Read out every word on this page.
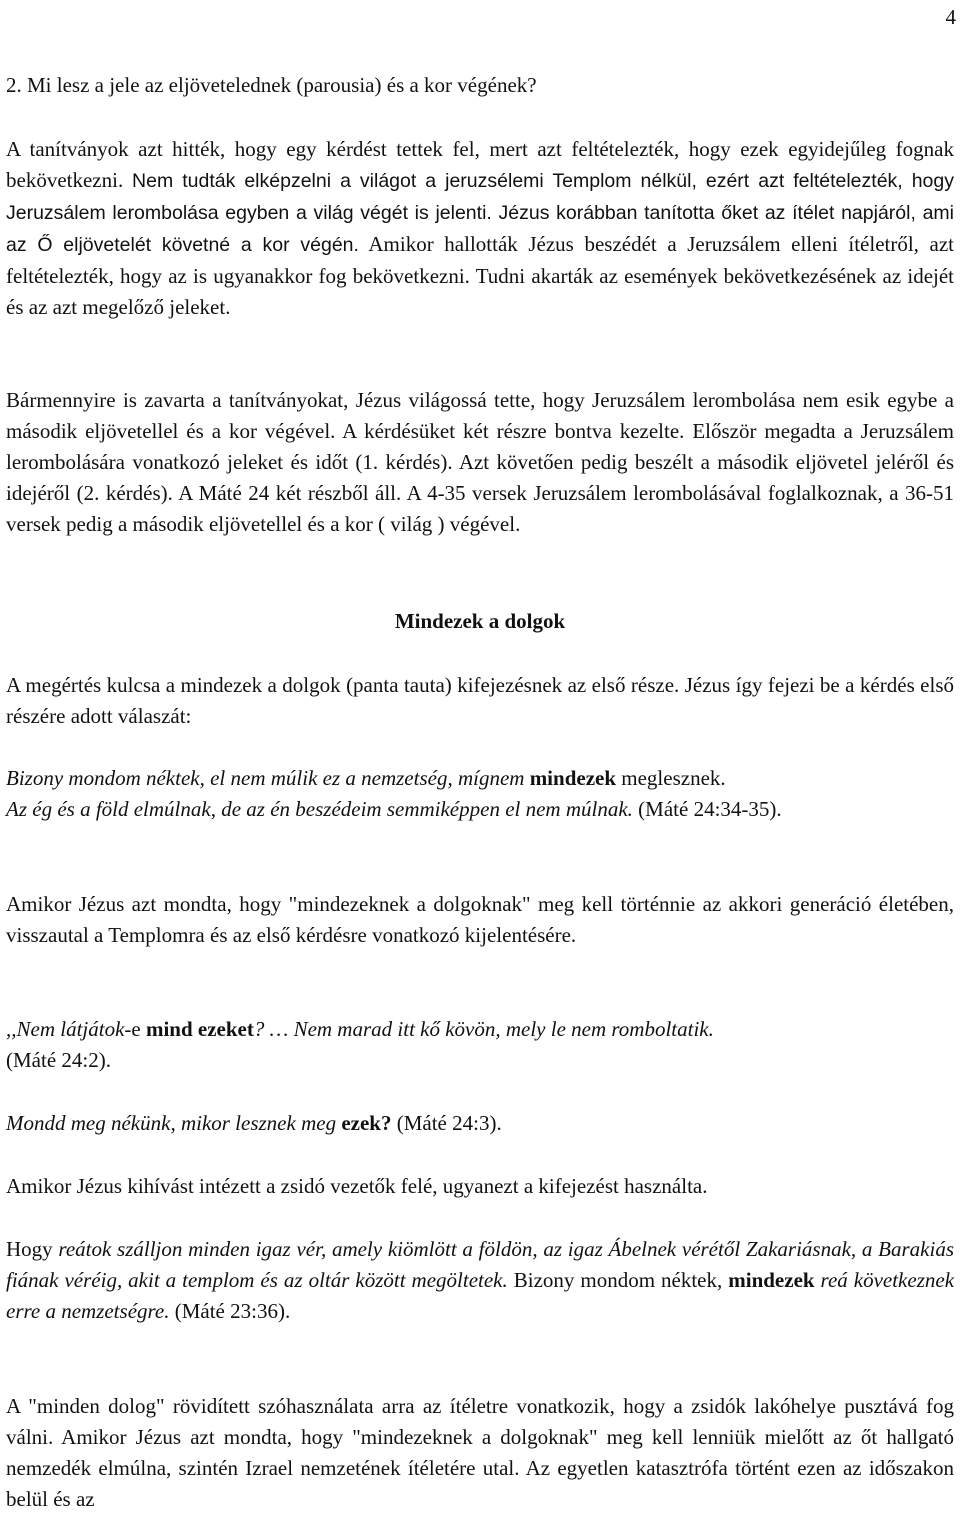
4

2. Mi lesz a jele az eljövetelednek (parousia) és a kor végének?

A tanítványok azt hitték, hogy egy kérdést tettek fel, mert azt feltételezték, hogy ezek egyidejűleg fognak bekövetkezni. Nem tudták elképzelni a világot a jeruzsélemi Templom nélkül, ezért azt feltételezték, hogy Jeruzsálem lerombolása egyben a világ végét is jelenti. Jézus korábban tanította őket az ítélet napjáról, ami az Ő eljövetelét követné a kor végén. Amikor hallották Jézus beszédét a Jeruzsálem elleni ítéletről, azt feltételezték, hogy az is ugyanakkor fog bekövetkezni. Tudni akarták az események bekövetkezésének az idejét és az azt megelőző jeleket.

Bármennyire is zavarta a tanítványokat, Jézus világossá tette, hogy Jeruzsálem lerombolása nem esik egybe a második eljövetellel és a kor végével. A kérdésüket két részre bontva kezelte. Először megadta a Jeruzsálem lerombolására vonatkozó jeleket és időt (1. kérdés). Azt követően pedig beszélt a második eljövetel jeléről és idejéről (2. kérdés). A Máté 24 két részből áll. A 4-35 versek Jeruzsálem lerombolásával foglalkoznak, a 36-51 versek pedig a második eljövetellel és a kor ( világ ) végével.

Mindezek a dolgok

A megértés kulcsa a mindezek a dolgok (panta tauta) kifejezésnek az első része. Jézus így fejezi be a kérdés első részére adott válaszát:

Bizony mondom néktek, el nem múlik ez a nemzetség, mígnem mindezek meglesznek.
Az ég és a föld elmúlnak, de az én beszédeim semmiképpen el nem múlnak. (Máté 24:34-35).

Amikor Jézus azt mondta, hogy "mindezeknek a dolgoknak" meg kell történnie az akkori generáció életében, visszautal a Templomra és az első kérdésre vonatkozó kijelentésére.

,,Nem látjátok-e mind ezeket? … Nem marad itt kő kövön, mely le nem romboltatik.
(Máté 24:2).

Mondd meg nékünk, mikor lesznek meg ezek? (Máté 24:3).

Amikor Jézus kihívást intézett a zsidó vezetők felé, ugyanezt a kifejezést használta.

Hogy reátok szálljon minden igaz vér, amely kiömlött a földön, az igaz Ábelnek vérétől Zakariásnak, a Barakiás fiának véréig, akit a templom és az oltár között megöltetek. Bizony mondom néktek, mindezek reá következnek erre a nemzetségre. (Máté 23:36).

A "minden dolog" rövidített szóhasználata arra az ítéletre vonatkozik, hogy a zsidók lakóhelye pusztává fog válni. Amikor Jézus azt mondta, hogy "mindezeknek a dolgoknak" meg kell lenniük mielőtt az őt hallgató nemzedék elmúlna, szintén Izrael nemzetének ítéletére utal. Az egyetlen katasztrófa történt ezen az időszakon belül és az
